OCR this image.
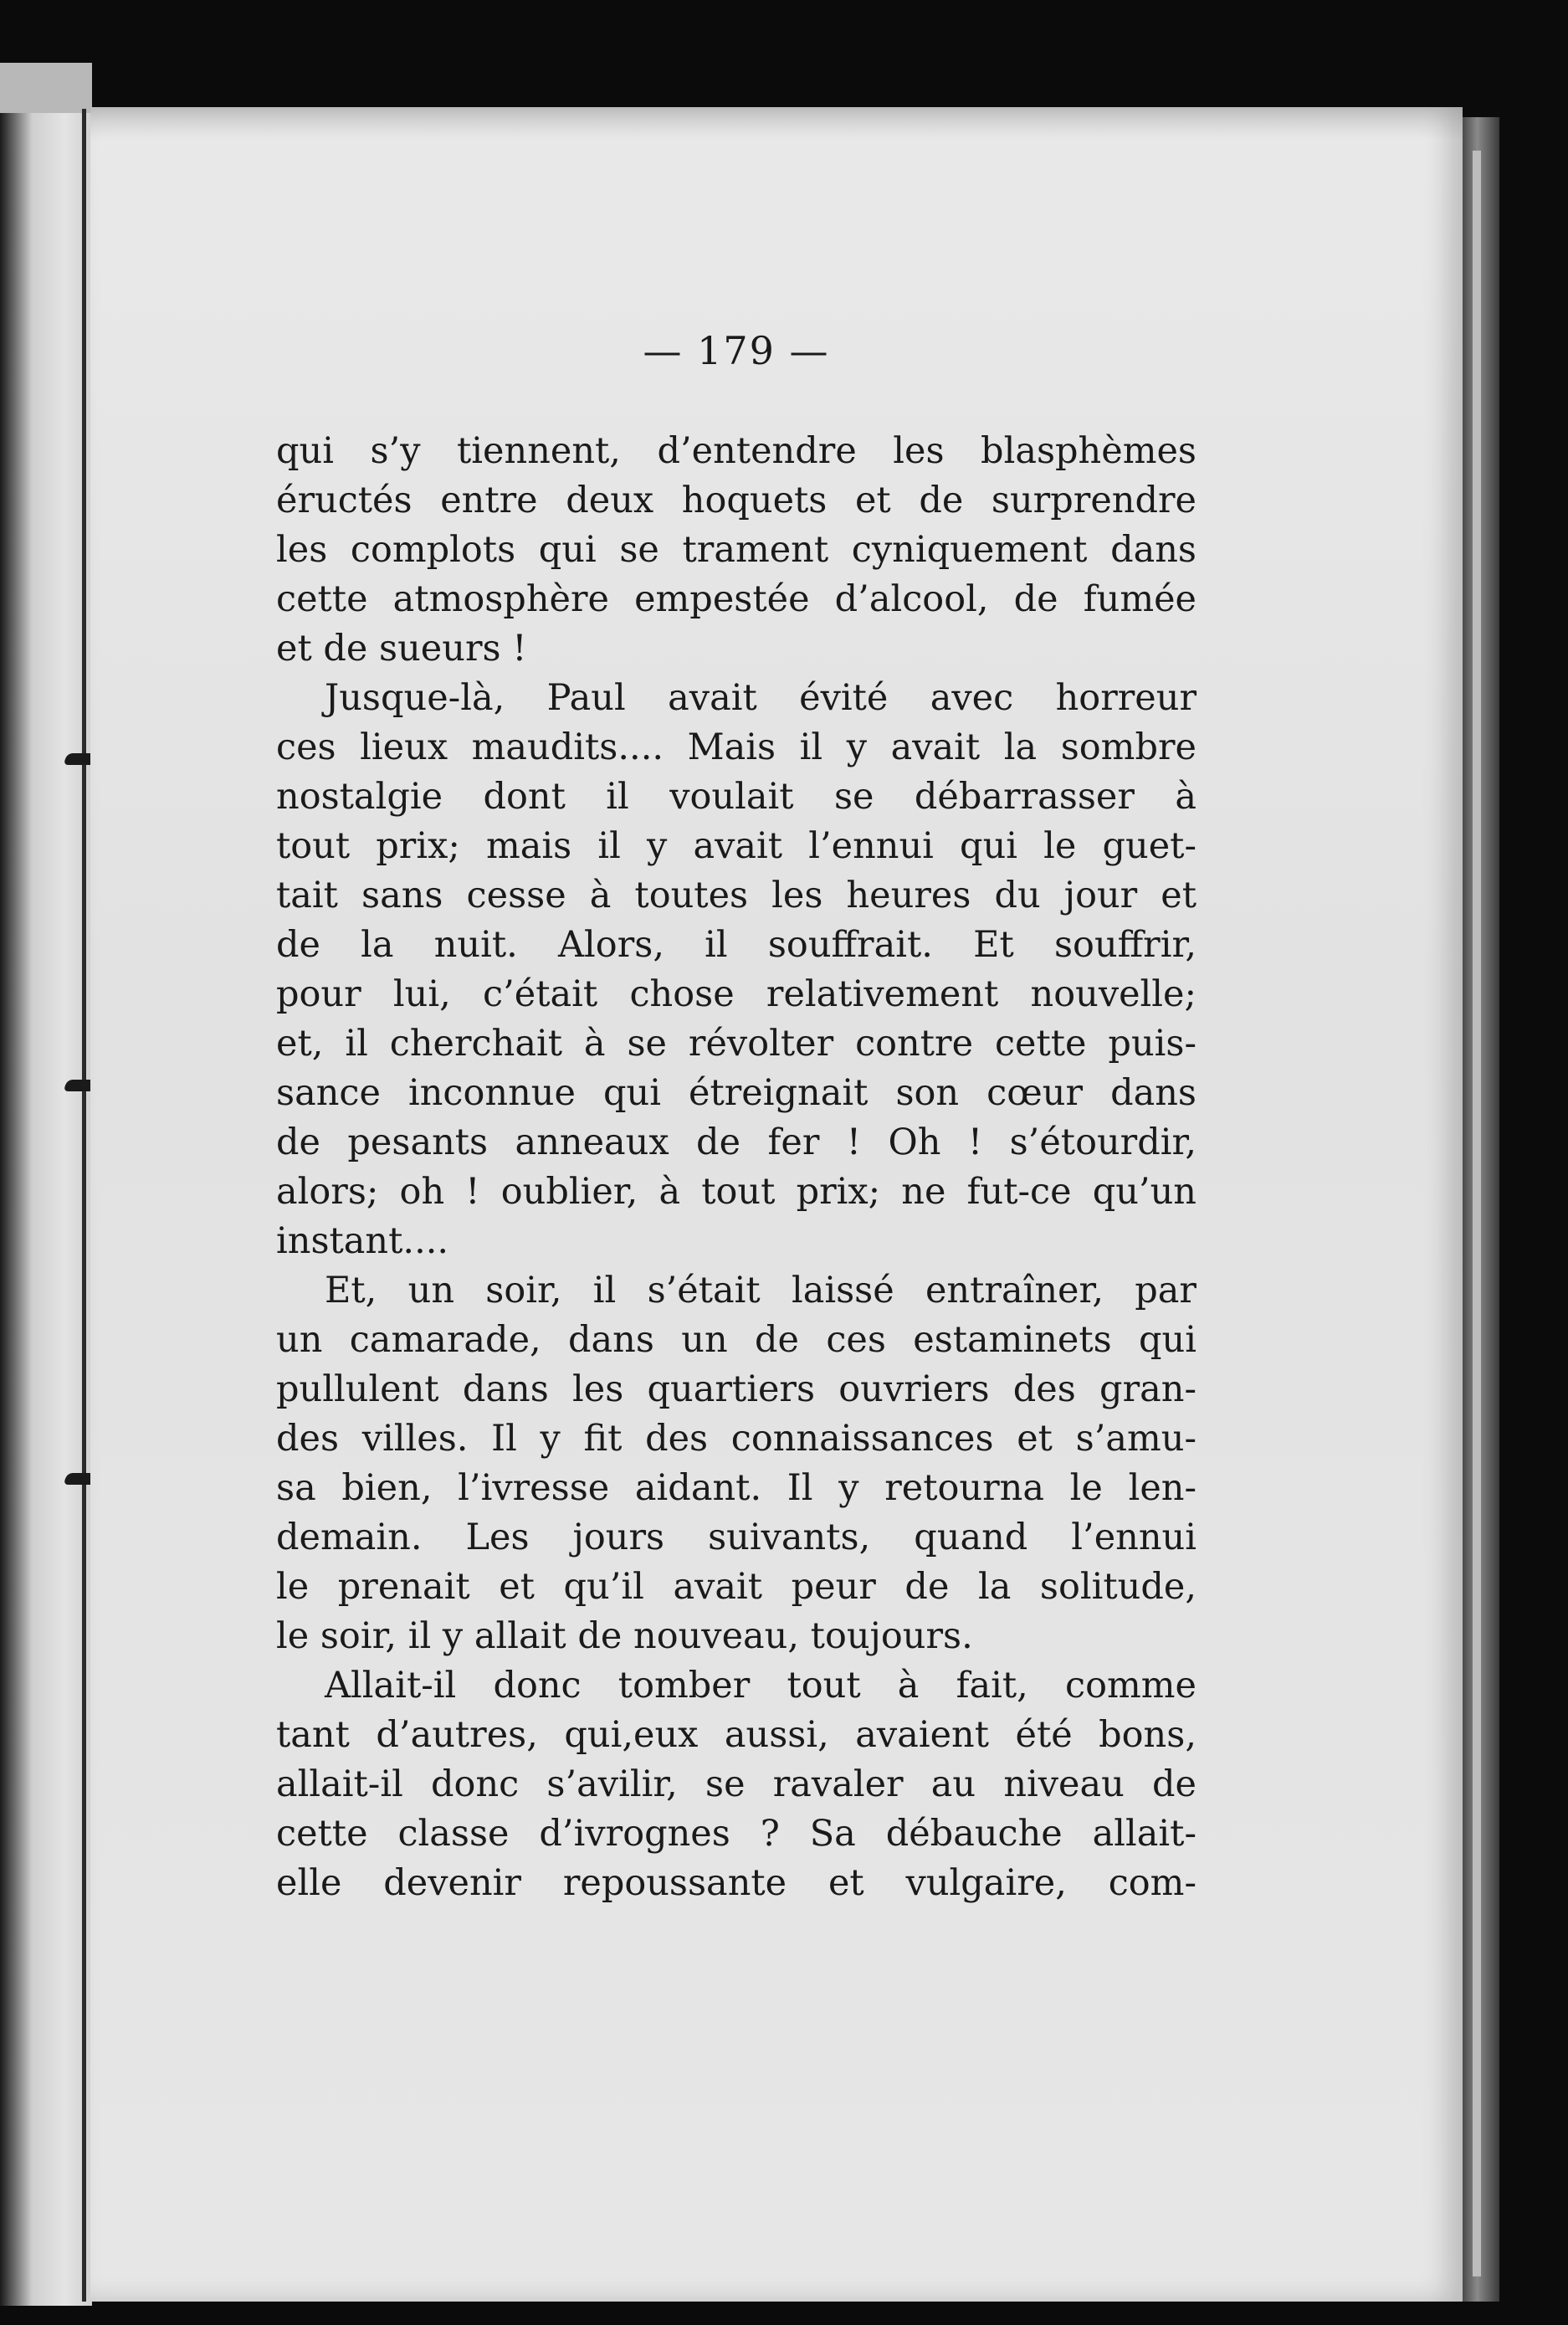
— 179 —
qui s’y tiennent, d’entendre les blasphèmes
éructés entre deux hoquets et de surprendre
les complots qui se trament cyniquement dans
cette atmosphère empestée d’alcool, de fumée
et de sueurs !
Jusque-là, Paul avait évité avec horreur
ces lieux maudits.... Mais il y avait la sombre
nostalgie dont il voulait se débarrasser à
tout prix; mais il y avait l’ennui qui le guet-
tait sans cesse à toutes les heures du jour et
de la nuit. Alors, il souffrait. Et souffrir,
pour lui, c’était chose relativement nouvelle;
et, il cherchait à se révolter contre cette puis-
sance inconnue qui étreignait son cœur dans
de pesants anneaux de fer ! Oh ! s’étourdir,
alors; oh ! oublier, à tout prix; ne fut-ce qu’un
instant....
Et, un soir, il s’était laissé entraîner, par
un camarade, dans un de ces estaminets qui
pullulent dans les quartiers ouvriers des gran-
des villes. Il y fit des connaissances et s’amu-
sa bien, l’ivresse aidant. Il y retourna le len-
demain. Les jours suivants, quand l’ennui
le prenait et qu’il avait peur de la solitude,
le soir, il y allait de nouveau, toujours.
Allait-il donc tomber tout à fait, comme
tant d’autres, qui,eux aussi, avaient été bons,
allait-il donc s’avilir, se ravaler au niveau de
cette classe d’ivrognes ? Sa débauche allait-
elle devenir repoussante et vulgaire, com-
